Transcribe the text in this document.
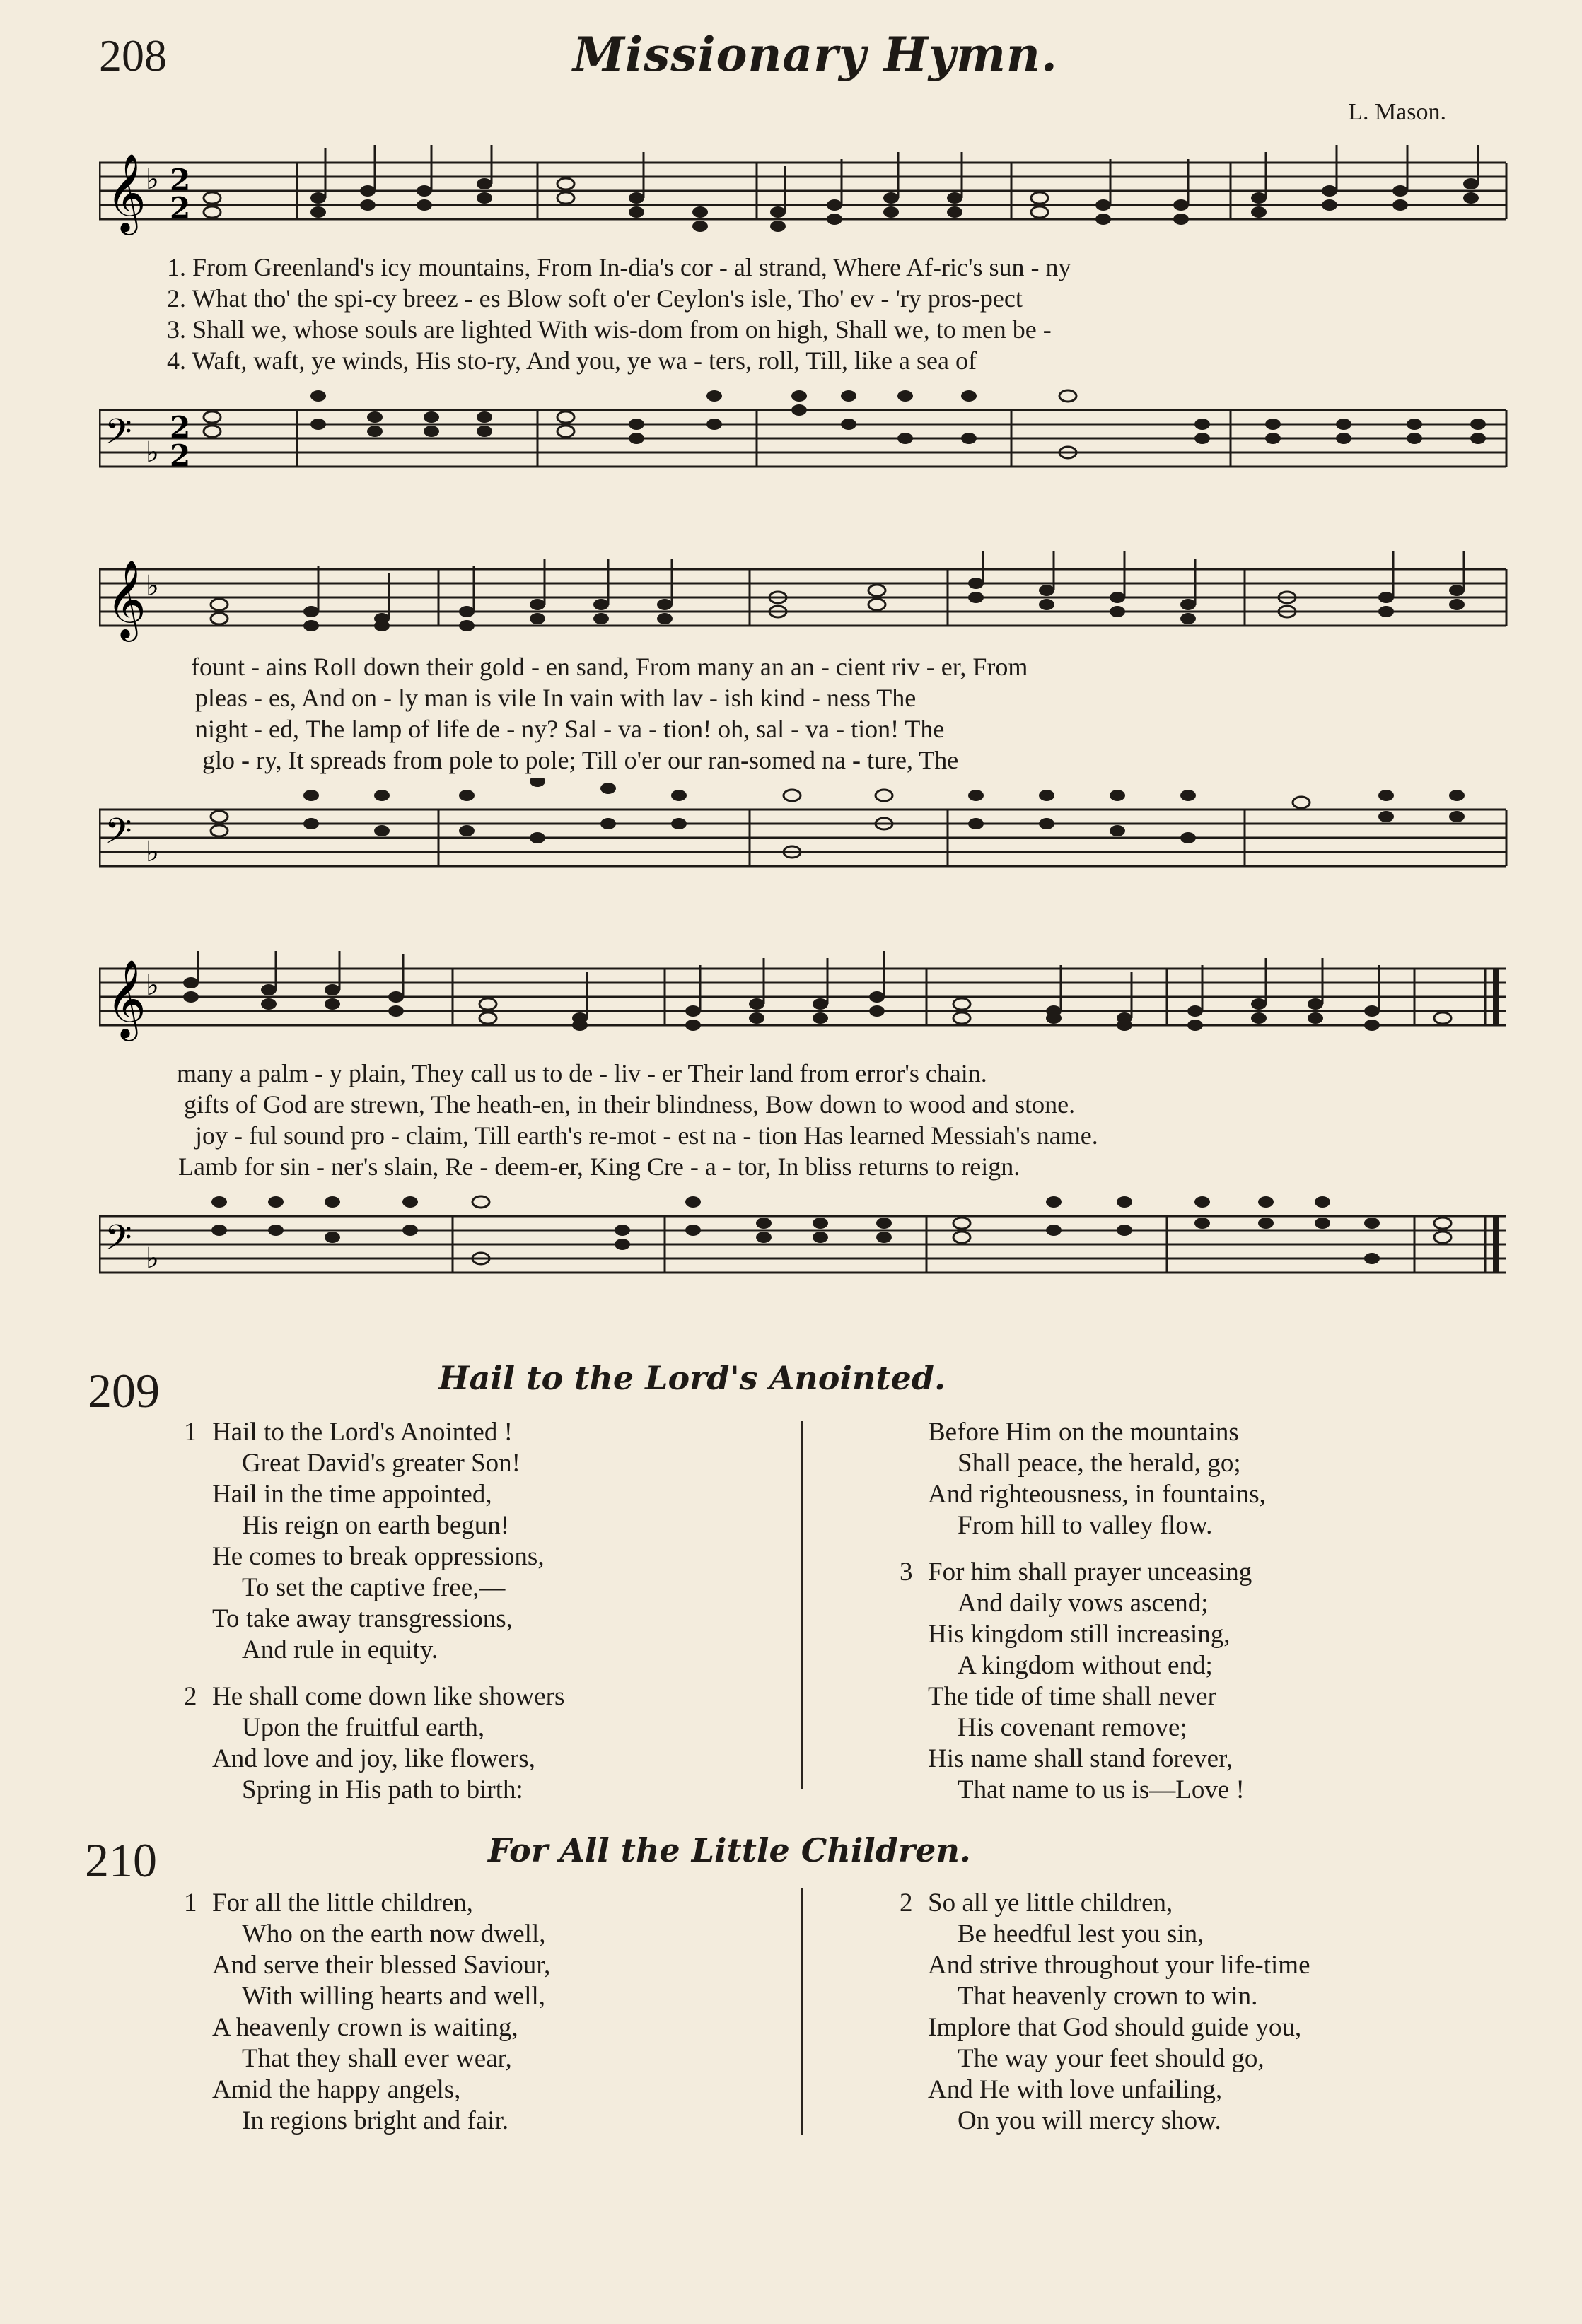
208	Missionary Hymn.
L. Mason.
𝄞 ♭ 2
2
1. From Greenland's icy mountains, From In-dia's cor - al strand, Where Af-ric's sun - ny
2. What tho' the spi-cy breez - es Blow soft o'er Ceylon's isle, Tho' ev - 'ry pros-pect
3. Shall we, whose souls are lighted With wis-dom from on high, Shall we, to men be -
4. Waft, waft, ye winds, His sto-ry, And you, ye wa - ters, roll, Till, like a sea of
𝄢 ♭
2
2
𝄞 ♭
fount - ains Roll down their gold - en sand, From many an an - cient riv - er, From
pleas - es, And on - ly man is vile In vain with lav - ish kind - ness The
night - ed, The lamp of life de - ny? Sal - va - tion! oh, sal - va - tion! The
glo - ry, It spreads from pole to pole; Till o'er our ran-somed na - ture, The
𝄢 ♭
𝄞 ♭
many a palm - y plain, They call us to de - liv - er Their land from error's chain.
gifts of God are strewn, The heath-en, in their blindness, Bow down to wood and stone.
joy - ful sound pro - claim, Till earth's re-mot - est na - tion Has learned Messiah's name.
Lamb for sin - ner's slain, Re - deem-er, King Cre - a - tor, In bliss returns to reign.
𝄢 ♭
209	Hail to the Lord's Anointed.
1 Hail to the Lord's Anointed !
Great David's greater Son!
Hail in the time appointed,
His reign on earth begun!
He comes to break oppressions,
To set the captive free,—
To take away transgressions,
And rule in equity.
2 He shall come down like showers
Upon the fruitful earth,
And love and joy, like flowers,
Spring in His path to birth:
Before Him on the mountains
Shall peace, the herald, go;
And righteousness, in fountains,
From hill to valley flow.
3 For him shall prayer unceasing
And daily vows ascend;
His kingdom still increasing,
A kingdom without end;
The tide of time shall never
His covenant remove;
His name shall stand forever,
That name to us is—Love !
210	For All the Little Children.
1 For all the little children,
Who on the earth now dwell,
And serve their blessed Saviour,
With willing hearts and well,
A heavenly crown is waiting,
That they shall ever wear,
Amid the happy angels,
In regions bright and fair.
2 So all ye little children,
Be heedful lest you sin,
And strive throughout your life-time
That heavenly crown to win.
Implore that God should guide you,
The way your feet should go,
And He with love unfailing,
On you will mercy show.
